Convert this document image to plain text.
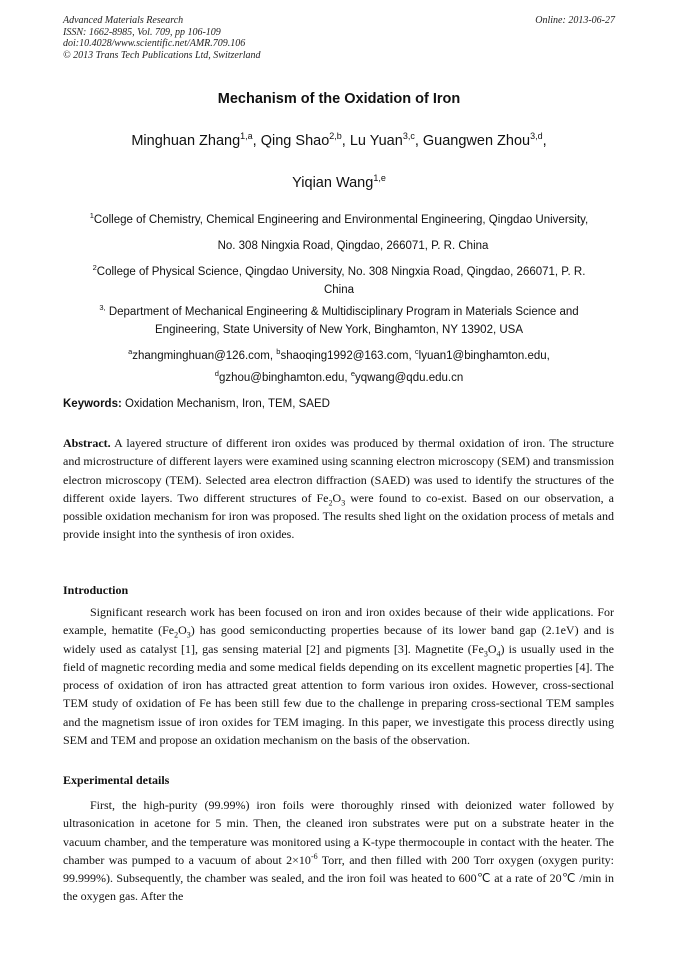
Advanced Materials Research
ISSN: 1662-8985, Vol. 709, pp 106-109
doi:10.4028/www.scientific.net/AMR.709.106
© 2013 Trans Tech Publications Ltd, Switzerland
Online: 2013-06-27
Mechanism of the Oxidation of Iron
Minghuan Zhang$^{1,a}$, Qing Shao$^{2,b}$, Lu Yuan$^{3,c}$, Guangwen Zhou$^{3,d}$,
Yiqian Wang$^{1,e}$
$^1$College of Chemistry, Chemical Engineering and Environmental Engineering, Qingdao University,
No. 308 Ningxia Road, Qingdao, 266071, P. R. China
$^2$College of Physical Science, Qingdao University, No. 308 Ningxia Road, Qingdao, 266071, P. R.
China
$^{3,}$ Department of Mechanical Engineering & Multidisciplinary Program in Materials Science and
Engineering, State University of New York, Binghamton, NY 13902, USA
$^a$zhangminghuan@126.com, $^b$shaoqing1992@163.com, $^c$lyuan1@binghamton.edu,
$^d$gzhou@binghamton.edu, $^e$yqwang@qdu.edu.cn
Keywords: Oxidation Mechanism, Iron, TEM, SAED

Abstract. A layered structure of different iron oxides was produced by thermal oxidation of iron. The structure and microstructure of different layers were examined using scanning electron microscopy (SEM) and transmission electron microscopy (TEM). Selected area electron diffraction (SAED) was used to identify the structures of the different oxide layers. Two different structures of $Fe_2O_3$ were found to co-exist. Based on our observation, a possible oxidation mechanism for iron was proposed. The results shed light on the oxidation process of metals and provide insight into the synthesis of iron oxides.

Introduction

Significant research work has been focused on iron and iron oxides because of their wide applications. For example, hematite $(Fe_2O_3)$ has good semiconducting properties because of its lower band gap (2.1eV) and is widely used as catalyst [1], gas sensing material [2] and pigments [3]. Magnetite $(Fe_3O_4)$ is usually used in the field of magnetic recording media and some medical fields depending on its excellent magnetic properties [4]. The process of oxidation of iron has attracted great attention to form various iron oxides. However, cross-sectional TEM study of oxidation of Fe has been still few due to the challenge in preparing cross-sectional TEM samples and the magnetism issue of iron oxides for TEM imaging. In this paper, we investigate this process directly using SEM and TEM and propose an oxidation mechanism on the basis of the observation.

Experimental details

First, the high-purity (99.99%) iron foils were thoroughly rinsed with deionized water followed by ultrasonication in acetone for 5 min. Then, the cleaned iron substrates were put on a substrate heater in the vacuum chamber, and the temperature was monitored using a K-type thermocouple in contact with the heater. The chamber was pumped to a vacuum of about $2\times 10^{-6}$ Torr, and then filled with 200 Torr oxygen (oxygen purity: 99.999%). Subsequently, the chamber was sealed, and the iron foil was heated to 600℃ at a rate of 20℃ /min in the oxygen gas. After the
